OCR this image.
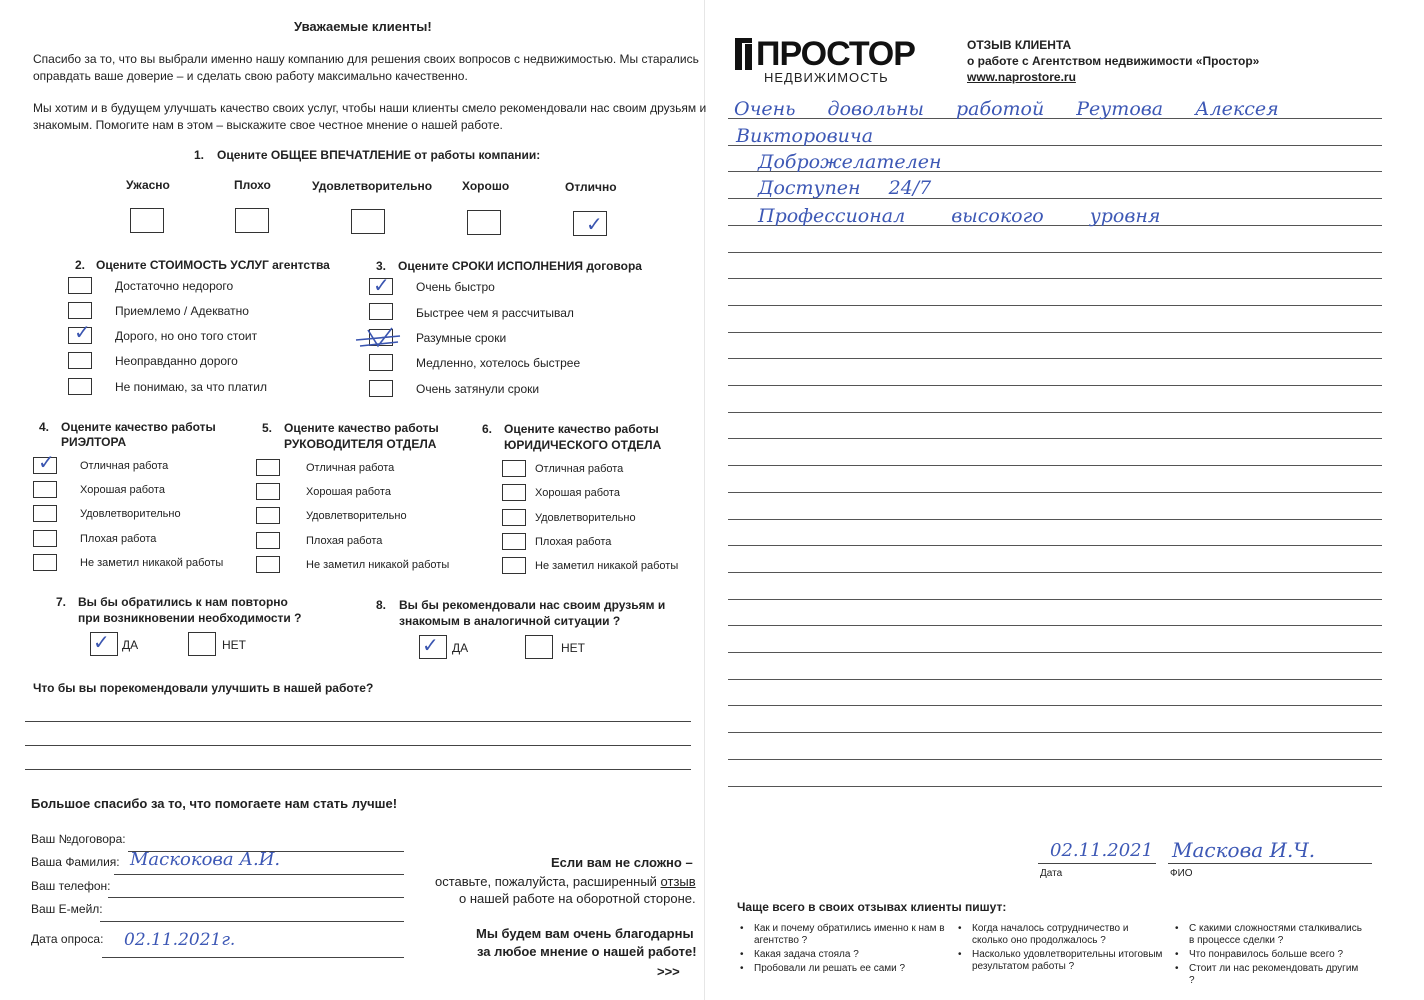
Уважаемые клиенты!
Спасибо за то, что вы выбрали именно нашу компанию для решения своих вопросов с недвижимостью. Мы старались
оправдать ваше доверие – и сделать свою работу максимально качественно.
Мы хотим и в будущем улучшать качество своих услуг, чтобы наши клиенты смело рекомендовали нас своим друзьям и
знакомым. Помогите нам в этом – выскажите свое честное мнение о нашей работе.
1. Оцените ОБЩЕЕ ВПЕЧАТЛЕНИЕ от работы компании:
Ужасно	Плохо	Удовлетворительно Хорошо	Отлично
✓
2. Оцените СТОИМОСТЬ УСЛУГ агентства
Достаточно недорого
Приемлемо / Адекватно
Дорого, но оно того стоит
Неоправданно дорого
Не понимаю, за что платил
✓
3. Оцените СРОКИ ИСПОЛНЕНИЯ договора
Очень быстро
Быстрее чем я рассчитывал
Разумные сроки
Медленно, хотелось быстрее
Очень затянули сроки
✓
4. Оцените качество работы
РИЭЛТОРА
Отличная работа
Хорошая работа
Удовлетворительно
Плохая работа
Не заметил никакой работы
✓
5. Оцените качество работы
РУКОВОДИТЕЛЯ ОТДЕЛА
Отличная работа
Хорошая работа
Удовлетворительно
Плохая работа
Не заметил никакой работы
6. Оцените качество работы
ЮРИДИЧЕСКОГО ОТДЕЛА
Отличная работа
Хорошая работа
Удовлетворительно
Плохая работа
Не заметил никакой работы
7. Вы бы обратились к нам повторно
при возникновении необходимости ?
✓ ДА	НЕТ
8. Вы бы рекомендовали нас своим друзьям и
знакомым в аналогичной ситуации ?
✓ ДА	НЕТ
Что бы вы порекомендовали улучшить в нашей работе?
Большое спасибо за то, что помогаете нам стать лучше!
Ваш №договора:
Ваша Фамилия: Маскокова А.И.
Ваш телефон:
Ваш Е-мейл:
Дата опроса: 02.11.2021г.
Если вам не сложно –
оставьте, пожалуйста, расширенный отзыв
о нашей работе на оборотной стороне.
Мы будем вам очень благодарны
за любое мнение о нашей работе!
>>>
ПРОСТОР
НЕДВИЖИМОСТЬ
ОТЗЫВ КЛИЕНТА
о работе с Агентством недвижимости «Простор»
www.naprostore.ru
Очень довольны работой Реутова Алексея
Викторовича
Доброжелателен
Доступен 24/7
Профессионал высокого уровня
02.11.2021 Маскова И.Ч.
Дата	ФИО
Чаще всего в своих отзывах клиенты пишут:
• Как и почему обратились именно к нам в агентство ?
• Какая задача стояла ?
• Пробовали ли решать ее сами ?
• Когда началось сотрудничество и сколько оно продолжалось ?
• Насколько удовлетворительны итоговым результатом работы ?
• С какими сложностями сталкивались в процессе сделки ?
• Что понравилось больше всего ?
• Стоит ли нас рекомендовать другим ?
